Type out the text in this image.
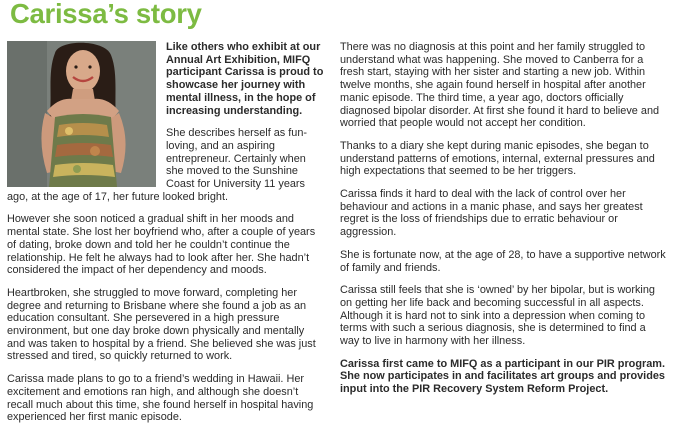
Carissa’s story

Like others who exhibit at our Annual Art Exhibition, MIFQ participant Carissa is proud to showcase her journey with mental illness, in the hope of increasing understanding.

She describes herself as fun-loving, and an aspiring entrepreneur. Certainly when she moved to the Sunshine Coast for University 11 years ago, at the age of 17, her future looked bright.

However she soon noticed a gradual shift in her moods and mental state. She lost her boyfriend who, after a couple of years of dating, broke down and told her he couldn’t continue the relationship. He felt he always had to look after her. She hadn’t considered the impact of her dependency and moods.

Heartbroken, she struggled to move forward, completing her degree and returning to Brisbane where she found a job as an education consultant. She persevered in a high pressure environment, but one day broke down physically and mentally and was taken to hospital by a friend. She believed she was just stressed and tired, so quickly returned to work.

Carissa made plans to go to a friend’s wedding in Hawaii. Her excitement and emotions ran high, and although she doesn’t recall much about this time, she found herself in hospital having experienced her first manic episode.

There was no diagnosis at this point and her family struggled to understand what was happening. She moved to Canberra for a fresh start, staying with her sister and starting a new job. Within twelve months, she again found herself in hospital after another manic episode. The third time, a year ago, doctors officially diagnosed bipolar disorder. At first she found it hard to believe and worried that people would not accept her condition.

Thanks to a diary she kept during manic episodes, she began to understand patterns of emotions, internal, external pressures and high expectations that seemed to be her triggers.

Carissa finds it hard to deal with the lack of control over her behaviour and actions in a manic phase, and says her greatest regret is the loss of friendships due to erratic behaviour or aggression.

She is fortunate now, at the age of 28, to have a supportive network of family and friends.

Carissa still feels that she is ‘owned’ by her bipolar, but is working on getting her life back and becoming successful in all aspects. Although it is hard not to sink into a depression when coming to terms with such a serious diagnosis, she is determined to find a way to live in harmony with her illness.

Carissa first came to MIFQ as a participant in our PIR program. She now participates in and facilitates art groups and provides input into the PIR Recovery System Reform Project.
